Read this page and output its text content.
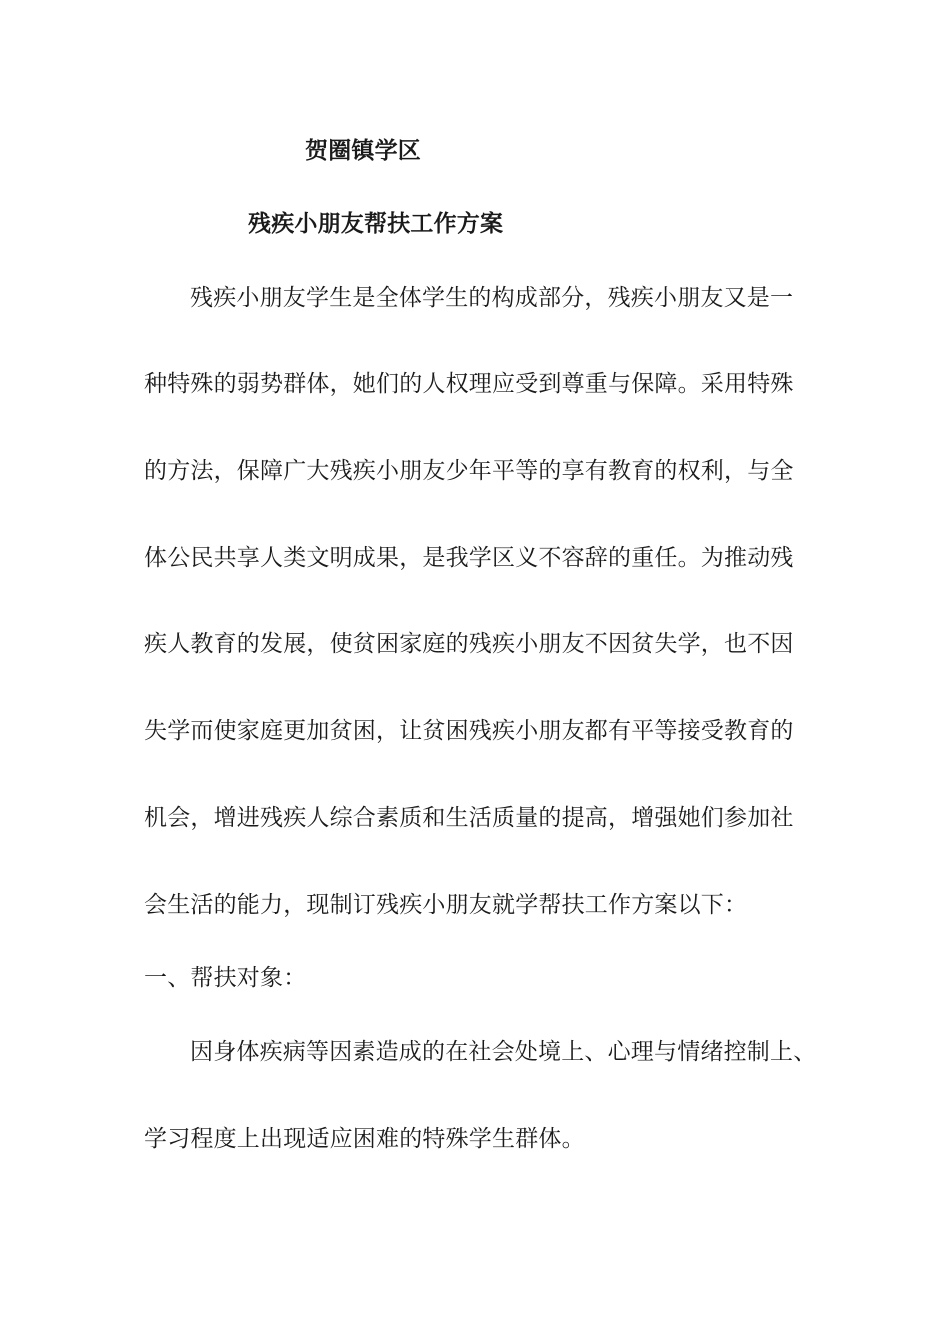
贺圈镇学区

残疾小朋友帮扶工作方案

残疾小朋友学生是全体学生的构成部分，残疾小朋友又是一

种特殊的弱势群体，她们的人权理应受到尊重与保障。采用特殊

的方法，保障广大残疾小朋友少年平等的享有教育的权利，与全

体公民共享人类文明成果，是我学区义不容辞的重任。为推动残

疾人教育的发展，使贫困家庭的残疾小朋友不因贫失学，也不因

失学而使家庭更加贫困，让贫困残疾小朋友都有平等接受教育的

机会，增进残疾人综合素质和生活质量的提高，增强她们参加社

会生活的能力，现制订残疾小朋友就学帮扶工作方案以下：

一、帮扶对象：

因身体疾病等因素造成的在社会处境上、心理与情绪控制上、

学习程度上出现适应困难的特殊学生群体。
